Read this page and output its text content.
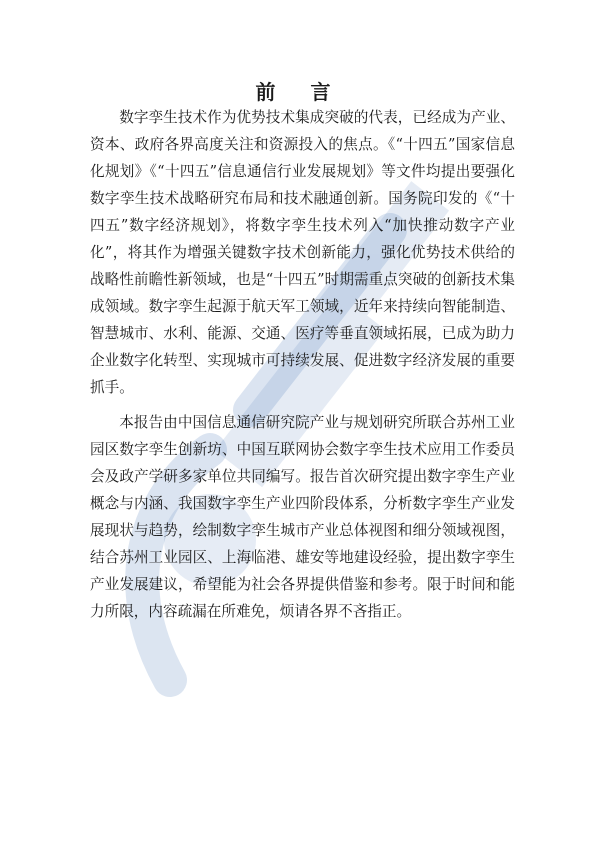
前 言

数字孪生技术作为优势技术集成突破的代表，已经成为产业、资本、政府各界高度关注和资源投入的焦点。《“十四五”国家信息化规划》《“十四五”信息通信行业发展规划》等文件均提出要强化数字孪生技术战略研究布局和技术融通创新。国务院印发的《“十四五”数字经济规划》，将数字孪生技术列入“加快推动数字产业化”，将其作为增强关键数字技术创新能力，强化优势技术供给的战略性前瞻性新领域，也是“十四五”时期需重点突破的创新技术集成领域。数字孪生起源于航天军工领域，近年来持续向智能制造、智慧城市、水利、能源、交通、医疗等垂直领域拓展，已成为助力企业数字化转型、实现城市可持续发展、促进数字经济发展的重要抓手。

本报告由中国信息通信研究院产业与规划研究所联合苏州工业园区数字孪生创新坊、中国互联网协会数字孪生技术应用工作委员会及政产学研多家单位共同编写。报告首次研究提出数字孪生产业概念与内涵、我国数字孪生产业四阶段体系，分析数字孪生产业发展现状与趋势，绘制数字孪生城市产业总体视图和细分领域视图，结合苏州工业园区、上海临港、雄安等地建设经验，提出数字孪生产业发展建议，希望能为社会各界提供借鉴和参考。限于时间和能力所限，内容疏漏在所难免，烦请各界不吝指正。
